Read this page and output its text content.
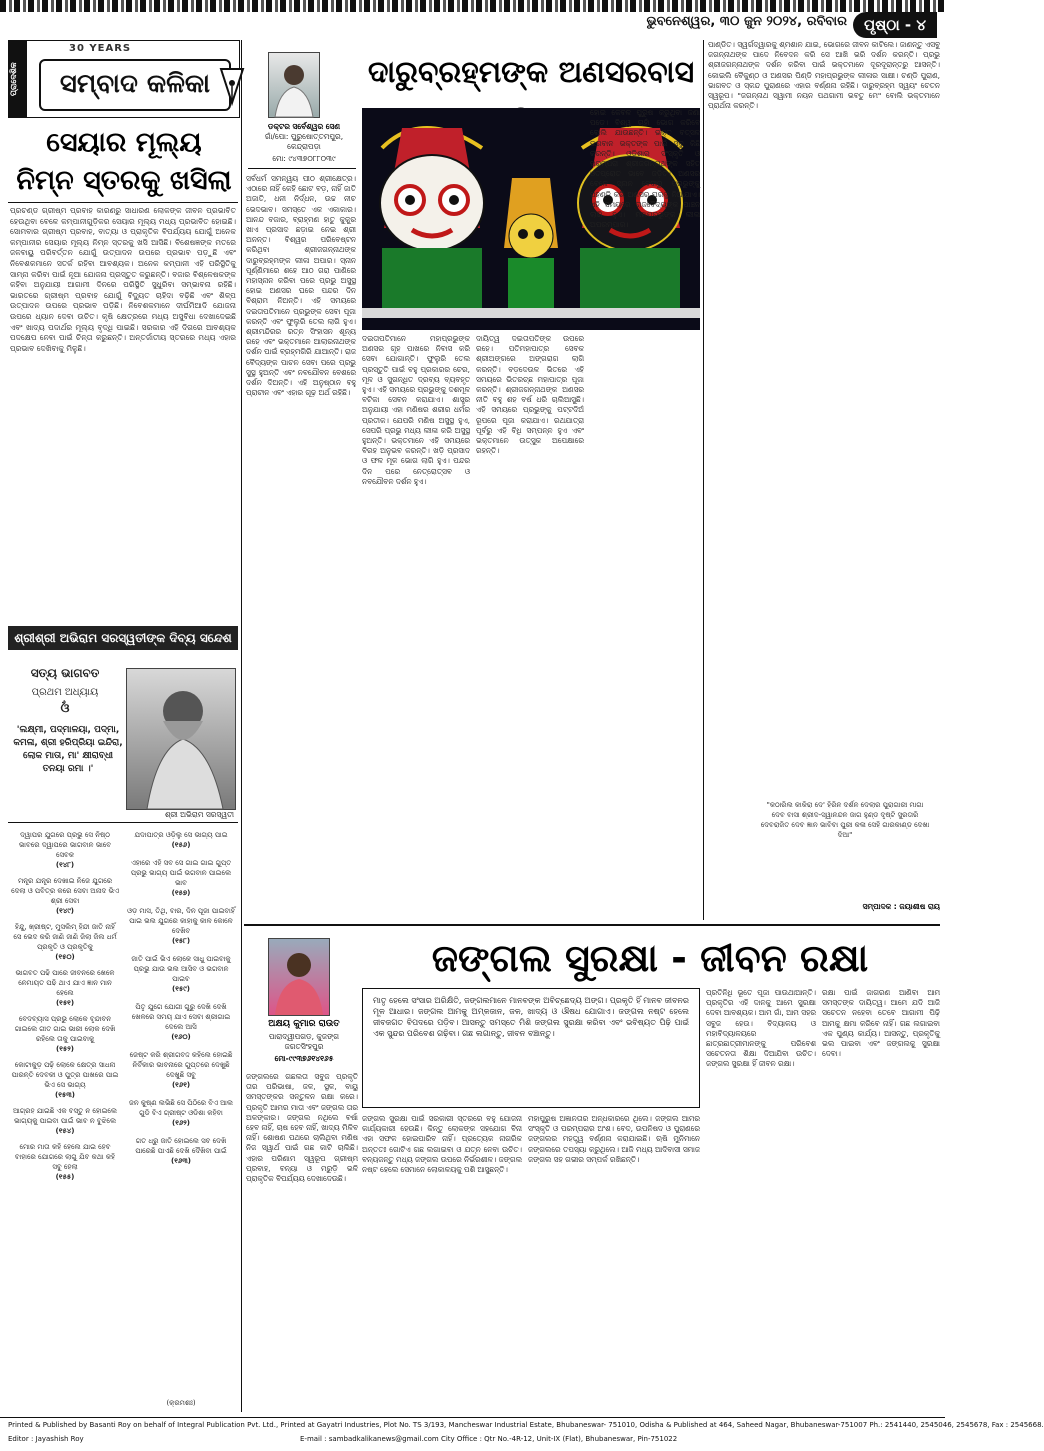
ଭୁବନେଶ୍ୱର, ୩୦ ଜୁନ ୨୦୨୪, ରବିବାର	ପୃଷ୍ଠା - ୪
ପ୍ରାଦେଶିକ
30 YEARS
ସମ୍ବାଦ କଳିକା
ସେୟାର ମୂଲ୍ୟ ନିମ୍ନ ସ୍ତରକୁ ଖସିଲା
ପ୍ରଚଣ୍ଡ ଗ୍ରୀଷ୍ମ ପ୍ରବାହ କାରଣରୁ ସାଧାରଣ ଲୋକଙ୍କ ଜୀବନ ପ୍ରଭାବିତ ହେଉଥିବା ବେଳେ କମ୍ପାନୀଗୁଡ଼ିକର ସେୟାର ମୂଲ୍ୟ ମଧ୍ୟ ପ୍ରଭାବିତ ହୋଇଛି। ସୋମବାର ଗ୍ରୀଷ୍ମ ପ୍ରବାହ, ବାତ୍ୟା ଓ ପ୍ରାକୃତିକ ବିପର୍ଯ୍ୟୟ ଯୋଗୁଁ ଅନେକ କମ୍ପାନୀର ସେୟାର ମୂଲ୍ୟ ନିମ୍ନ ସ୍ତରକୁ ଖସି ଆସିଛି। ବିଶେଷଜ୍ଞଙ୍କ ମତରେ ଜଳବାୟୁ ପରିବର୍ତ୍ତନ ଯୋଗୁଁ ଉତ୍ପାଦନ ଉପରେ ପ୍ରଭାବ ପଡ଼ୁଛି ଏବଂ ନିବେଶକମାନେ ସତର୍କ ରହିବା ଆବଶ୍ୟକ। ଅନେକ କମ୍ପାନୀ ଏହି ପରିସ୍ଥିତିକୁ ସାମ୍ନା କରିବା ପାଇଁ ନୂଆ ଯୋଜନା ପ୍ରସ୍ତୁତ କରୁଛନ୍ତି। ବଜାର ବିଶ୍ଳେଷକଙ୍କ କହିବା ଅନୁଯାୟୀ ଆଗାମୀ ଦିନରେ ପରିସ୍ଥିତି ସୁଧୁରିବା ସମ୍ଭାବନା ରହିଛି। ଭାରତରେ ଗ୍ରୀଷ୍ମ ପ୍ରବାହ ଯୋଗୁଁ ବିଦ୍ୟୁତ ଚାହିଦା ବଢ଼ିଛି ଏବଂ ଶିଳ୍ପ ଉତ୍ପାଦନ ଉପରେ ପ୍ରଭାବ ପଡ଼ିଛି। ନିବେଶକମାନେ ଦୀର୍ଘମିଆଦି ଯୋଜନା ଉପରେ ଧ୍ୟାନ ଦେବା ଉଚିତ। କୃଷି କ୍ଷେତ୍ରରେ ମଧ୍ୟ ଅସୁବିଧା ଦେଖାଦେଇଛି ଏବଂ ଖାଦ୍ୟ ପଦାର୍ଥର ମୂଲ୍ୟ ବୃଦ୍ଧି ପାଇଛି। ସରକାର ଏହି ଦିଗରେ ଆବଶ୍ୟକ ପଦକ୍ଷେପ ନେବା ପାଇଁ ଚିନ୍ତା କରୁଛନ୍ତି। ଅନ୍ତର୍ଜାତୀୟ ସ୍ତରରେ ମଧ୍ୟ ଏହାର ପ୍ରଭାବ ଦେଖିବାକୁ ମିଳୁଛି।
ଶ୍ରୀଶ୍ରୀ ଅଭିରାମ ସରସ୍ୱତୀଙ୍କ ଦିବ୍ୟ ସନ୍ଦେଶ
ସତ୍ୟ ଭାଗବତ
ପ୍ରଥମ ଅଧ୍ୟାୟ
ଓଁ
'ଲକ୍ଷ୍ମୀ, ପଦ୍ମାଳୟା, ପଦ୍ମା, କମଳା, ଶ୍ରୀ ହରିପ୍ରିୟା ଇନ୍ଦିରା, ଲୋକ ମାତା, ମା' କ୍ଷୀରାବ୍ଧୀ ତନୟା ରମା ।'
ଶ୍ରୀ ଅଭିରାମ ସରସ୍ୱତୀ
ଦ୍ୱାପର ଯୁଗରେ ପ୍ରଭୁ ସେ ନିଷ୍ଠ ଭାବରେ ଦ୍ୱାପରେ ଭାଗବାନ ଭାବେ ସେବକ
(୧୪୮)
ମନ୍ତ୍ର ଯନ୍ତ୍ର ଦେଖାଇ ନିଜେ ଯୁଗରେ ଦେଲା ଓ ପବିତ୍ର କରେ ସେବା ଅନାଦ ଭିଏ ଶ୍ରୀ ସେବା
(୧୪୯)
ହିନ୍ଦୁ, ଖ୍ରୀଷ୍ଟ, ମୁସଲିମ୍ ହିନ୍ଦୀ ଜାତି ନାହିଁ ସେ ଭେଦ କରି ଜାଣି ଜାଣି ଜିଲା ଜିଲ ଧର୍ମ ପ୍ରକୃତି ଓ ପ୍ରକୃତିକୁ
(୧୫୦)
ଭାଗବତ ପଢି ପାରେ ଜୀବନରେ ଖେଳେ ନେମାୟତ ପଢି ଥାଏ ଯାଏ ଜ୍ଞାନ ମାନ ହେଲେ
(୧୫୧)
ବେଦବ୍ୟାସ ପ୍ରଭୁ ଲୋକେ ବୃନ୍ଦାବନ ଗାଇଲେ ଗୀତ ଗାଇ ଭାରୀ ଲୋକ ଦେଖି ରହିଲେ ତାକୁ ପାଇବାକୁ
(୧୫୨)
କୋଟାକୁଡ଼ ପଢ଼ି ଲୋକେ କ୍ଷେତ୍ର ସାଧନା ପାରନ୍ତି ଦେବକୀ ଓ ପୁତ୍ର ପାଖରେ ପାଇ ଭିଏ ସେ ଭାଗ୍ୟ
(୧୫୩)
ଆଗ୍ରହ ଯାଇଛି ଏକ ବସ୍ତୁ ନ ହୋଇଲେ ଭାଗ୍ୟକୁ ପାଇବା ପାଇଁ ଭାବ ନ ବୁଝିଲେ
(୧୫୪)
ମୋର ମାତା କହି ହେଲେ ଯାଇ ହେବ ବାହାରେ ଯୋଗରେ ଲାଗୁ ଯିବ କଥା କହି ସବୁ ହେଲା
(୧୫୫)
ଯଦାପାତ୍ର ଓଡ଼ିଲୁ ସେ ଭାଗ୍ୟ ପାଇ
(୧୫୬)
ଏହାରେ ଏହି ସବ ସେ ଗାଇ ଗାଇ ଗୁପ୍ତ ପ୍ରଭୁ ଭାଗ୍ୟ ପାଇଁ ଭଗବାନ ପାଇଲେ ଭାବ
(୧୫୭)
ଓଡ଼ ମାସ, ତିଥି, ବାର, ଦିନ ପୂଜା ପାଇବାହିଁ ପାଇ ଭଲ ଯୁଗରେ କାହାକୁ କାଳ କୋଳେ ଦେଖିବ
(୧୫୮)
ଜାତି ପାଇଁ ଭିଏ ଲୋକେ ସାଧୁ ପାଇବାକୁ ପ୍ରଭୁ ଯାଉ ଭଲ ଆସିବ ଓ ଭଗବାନ ପାଇବ
(୧୫୯)
ପିତୃ ଯୁଗେ ଯୋଗୀ ଗୁରୁ ଦେଖି ଦେଖି ଖେଳରେ ସମୟ ଯାଏ ସେବା ଶ୍ରୀଗାଇ ଦେଲେ ଆସି
(୧୬୦)
ଜେଷ୍ଟ କରି ଶ୍ରୀଗବଦ୍ଦ କହିଲେ ହୋଇଛି ନିର୍ବିକାର ଭାବନାରେ ଗୁପ୍ତରେ ଦେଖୁଛି ଦେଖୁଛି ସବୁ
(୧୬୧)
ଜନ କୁଷ୍ଣ ଲଭିଛି ସେ ପିଠିରେ ବିଏ ଆଲ ଗୁଡି ବିଏ ଗ୍ରୀଷ୍ଟ ଓଡିଶା କହିବା
(୧୬୨)
ଗତ ଧ୍ରୁ ଜାତି ହୋଇଲେ ସବ ଦେଖି ପାରେଛି ପାଏଛି ଦେଖି ଦୈଖିବା ପାଇଁ
(୧୬୩)
(କ୍ରମଶଃ)
ଡକ୍ଟର ସର୍ବେଶ୍ୱର ସେଣ
ଗାଁ/ପୋ: ପୁରୁଷୋତ୍ତମପୁର,
କେନ୍ଦ୍ରାପଡ଼ା
ମୋ: ୯୪୩୭୦୮୮୦୩୯
ଦାରୁବ୍ରହ୍ମଙ୍କ ଅଣସରବାସ
ସର୍ବଧର୍ମ ସମନ୍ୱୟ ପୀଠ ଶ୍ରୀକ୍ଷେତ୍ର। ଏଠାରେ ନାହିଁ କେହି ଛୋଟ ବଡ଼, ନାହିଁ ଜାତି ଅଜାତି, ଧନୀ ନିର୍ଦ୍ଧନ, ଉଚ୍ଚ ନୀଚ ଭେଦଭାବ। ସମସ୍ତେ ଏକ ଏକାକାର। ଆନନ୍ଦ ବଜାର, ବ୍ରାହ୍ମଣ ହାତୁ କୁକୁର ଖାଏ ପ୍ରସାଦ ଛଡ଼ାଇ ନେଇ ଶ୍ରୀ ଅନନ୍ତ। ବିଶ୍ୱର ପରିବେଷ୍ଟନ କରିଥିବା ଶ୍ରୀଜଗନ୍ନାଥଙ୍କ ଦାରୁବ୍ରହ୍ମଙ୍କ ଲୀଳା ଅପାର। ସ୍ନାନ ପୂର୍ଣ୍ଣିମାରେ ଶହେ ଆଠ ଗରା ପାଣିରେ ମହାସ୍ନାନ କରିବା ପରେ ପ୍ରଭୁ ଅସୁସ୍ଥ ହୋଇ ଅଣସର ଘରେ ପନ୍ଦର ଦିନ ବିଶ୍ରାମ ନିଅନ୍ତି। ଏହି ସମୟରେ ଦଇତାପତିମାନେ ପ୍ରଭୁଙ୍କ ସେବା ପୂଜା କରନ୍ତି ଏବଂ ଫୁଲୁରି ତେଲ ଲାଗି ହୁଏ। ଶ୍ରୀମନ୍ଦିରର ରତ୍ନ ସିଂହାସନ ଶୂନ୍ୟ ରହେ ଏବଂ ଭକ୍ତମାନେ ଆଲାରନାଥଙ୍କ ଦର୍ଶନ ପାଇଁ ବ୍ରହ୍ମଗିରି ଯାଆନ୍ତି। ରାଜ ବୈଦ୍ୟଙ୍କ ପାଚନ ସେବା ପରେ ପ୍ରଭୁ ସୁସ୍ଥ ହୁଅନ୍ତି ଏବଂ ନବଯୌବନ ବେଶରେ ଦର୍ଶନ ଦିଅନ୍ତି। ଏହି ଅନୁଷ୍ଠାନ ବହୁ ପ୍ରାଚୀନ ଏବଂ ଏହାର ଗୂଢ଼ ଅର୍ଥ ରହିଛି।
ଦଇତାପତିମାନେ ମହାପ୍ରଭୁଙ୍କ ଅଣସର ଗୃହ ପାଖରେ ନିବାସ କରି ସେବା ଯୋଗାନ୍ତି। ଫୁଲୁରି ତେଲ ପ୍ରସ୍ତୁତି ପାଇଁ ବହୁ ପ୍ରକାରର ଚେର, ମୂଳ ଓ ସୁଗନ୍ଧିତ ଦ୍ରବ୍ୟ ବ୍ୟବହୃତ ହୁଏ। ଏହି ସମୟରେ ପ୍ରଭୁଙ୍କୁ ଦଶମୂଳ ବଟିକା ସେବନ କରାଯାଏ। ଶାସ୍ତ୍ର ଅନୁଯାୟୀ ଏହା ମଣିଷର ଶରୀର ଧର୍ମର ପ୍ରତୀକ। ଯେପରି ମଣିଷ ଅସୁସ୍ଥ ହୁଏ, ସେପରି ପ୍ରଭୁ ମଧ୍ୟ ଲୀଳା କରି ଅସୁସ୍ଥ ହୁଅନ୍ତି। ଭକ୍ତମାନେ ଏହି ସମୟରେ ବିରହ ଅନୁଭବ କରନ୍ତି। ଖଡ଼ି ପ୍ରସାଦ ଓ ଫଳ ମୂଳ ଭୋଗ ଲାଗି ହୁଏ। ପନ୍ଦର ଦିନ ପରେ ନେତ୍ରୋତ୍ସବ ଓ ନବଯୌବନ ଦର୍ଶନ ହୁଏ।
ଦାୟିତ୍ୱ ଦଇତାପତିଙ୍କ ଉପରେ ରହେ। ପତିମହାପାତ୍ର ସେବକ ଶ୍ରୀଅଙ୍ଗରେ ଅଙ୍ଗରାଗ ଲାଗି କରନ୍ତି। ବଡ଼ଦେଉଳ ଭିତରେ ଏହି ସମୟରେ ଭିତରଚ୍ଛ ମହାପାତ୍ର ପୂଜା କରନ୍ତି। ଶ୍ରୀଜଗନ୍ନାଥଙ୍କ ଅଣସର ନୀତି ବହୁ ଶହ ବର୍ଷ ଧରି ଚାଲିଆସୁଛି। ଏହି ସମୟରେ ପ୍ରଭୁଙ୍କୁ ପଟ୍ଟଦିଅଁ ରୂପରେ ପୂଜା କରାଯାଏ। ରଥଯାତ୍ରା ପୂର୍ବରୁ ଏହି ବିଧି ସମ୍ପନ୍ନ ହୁଏ ଏବଂ ଭକ୍ତମାନେ ଉତ୍ସୁକ ଅପେକ୍ଷାରେ ରହନ୍ତି।
ହୋଇ କେବଳ ପୁରୁଷ କରୁଥିବା ଜଣା ପଡ଼େ। ବିଶ୍ୱ ଚାହାଁ ଭୋଗ କରିବେ ବୋଲି ଯାଉଛନ୍ତି। ଭକ୍ତ ବତ୍ସଳ ଭଗବାନ ଭକ୍ତଙ୍କ ପାଇଁ ସବୁ କିଛି କରନ୍ତି। ଓଡ଼ିଶାର ସଂସ୍କୃତି ଓ ପରମ୍ପରା ଶ୍ରୀଜଗନ୍ନାଥଙ୍କ ସହିତ ଓତପ୍ରୋତ ଭାବେ ଜଡ଼ିତ। ଅଣସର ବେଳେ ସ୍ନାନ ବେଦୀରୁ ପ୍ରଭୁଙ୍କୁ ପହଣ୍ଡି କରି ଅଣସର ଘରକୁ ନିଆଯାଏ। ଏହି ସମୟରେ ରାଜବୈଦ୍ୟଙ୍କ ପାଞ୍ଚନ ଲାଗି ହୁଏ। ମହାପ୍ରଭୁଙ୍କ ଲୀଳା ଅପରମ୍ପାର।
ପାଣ୍ଡିତ। ସ୍ୱର୍ଗଦ୍ୱାରକୁ ଶ୍ମଶାନ ଯାଇ, ଭୋଗରେ ଜୀବନ କାଟିଲେ। ଜାଣନ୍ତୁ ଏସବୁ ଜଗନ୍ନାଥଙ୍କ ପାଦେ ନିବେଦନ କରି ସେ ଆଖି ଭରି ଦର୍ଶନ କରନ୍ତି। ପ୍ରଭୁ ଶ୍ରୀଜଗନ୍ନାଥଙ୍କ ଦର୍ଶନ କରିବା ପାଇଁ ଭକ୍ତମାନେ ଦୂରଦୂରାନ୍ତରୁ ଆସନ୍ତି। କୋଇଲି ବୈକୁଣ୍ଠ ଓ ଅଣସର ପିଣ୍ଡି ମହାପ୍ରଭୁଙ୍କ ଲୀଳାର ସାକ୍ଷୀ। ଚଣ୍ଡି ପୁରାଣ, ଭାଗବତ ଓ ସ୍କନ୍ଦ ପୁରାଣରେ ଏହାର ବର୍ଣ୍ଣନା ରହିଛି। ଦାରୁବ୍ରହ୍ମ ସ୍ୱୟଂ ଚେତନ ସ୍ୱରୂପ। "ଜଗନ୍ନାଥ ସ୍ୱାମୀ ନୟନ ପଥଗାମୀ ଭବତୁ ମେ" ବୋଲି ଭକ୍ତମାନେ ପ୍ରାର୍ଥନା କରନ୍ତି।
"କଠାରିଲ କାକିରା ଦେ' ହିରିନ ଦର୍ଶନ ଦେଲାର ପୁରାଗାରୀ ମାଗା ଦେବ ବାସା ଶ୍ରୀଦ-ସ୍ୱାନନ୍ଦନ ଜାଗ ହୁଣ୍ଡ ଦୃଷ୍ଟି ସୁରତାରି ଦେବରାଜିତ ଦେବ ଜ୍ଞାନ ଭାବିବା ପୁରୀ କଳା ସେହି ଗାରକାଣ୍ଡ ଦେଖା ଦିଆ"
ସମ୍ପାଦକ : ଜୟାଶୀଷ ରାୟ
ଅକ୍ଷୟ କୁମାର ରାଉତ
ପାରାଦ୍ୱୀପଗଡ଼, କୁଜଙ୍ଗ
ଜଗତସିଂହପୁର
ମୋ-୯୯୩୭୬୧୪୧୬୫
ଜଙ୍ଗଲ ସୁରକ୍ଷା - ଜୀବନ ରକ୍ଷା
ମାତୃ ହେଲେ ସଂସାର ଅରିକ୍ଷିତି, ଜଙ୍ଗଲମାନେ ମାନବଙ୍କ ଅବିଚ୍ଛେଦ୍ୟ ଅଙ୍ଗ। ପ୍ରକୃତି ହିଁ ମାନବ ଜୀବନର ମୂଳ ଆଧାର। ଜଙ୍ଗଲ ଆମକୁ ଅମ୍ଳଜାନ, ଜଳ, ଖାଦ୍ୟ ଓ ଔଷଧ ଯୋଗାଏ। ଜଙ୍ଗଲ ନଷ୍ଟ ହେଲେ ଜୀବଜଗତ ବିପଦରେ ପଡ଼ିବ। ଆସନ୍ତୁ ସମସ୍ତେ ମିଶି ଜଙ୍ଗଲ ସୁରକ୍ଷା କରିବା ଏବଂ ଭବିଷ୍ୟତ ପିଢ଼ି ପାଇଁ ଏକ ସୁନ୍ଦର ପରିବେଶ ଗଢ଼ିବା। ଗଛ ଲଗାନ୍ତୁ, ଜୀବନ ବଞ୍ଚାନ୍ତୁ।
ଜଙ୍ଗଲରେ ଗଛଲତା ସବୁଜ ପ୍ରକୃତି ତାର ପରିଭାଷା, ଜଳ, ସ୍ଥଳ, ବାୟୁ ସମସ୍ତଙ୍କର ସନ୍ତୁଳନ ରକ୍ଷା କରେ। ପ୍ରକୃତି ଆମର ମାତା ଏବଂ ଜଙ୍ଗଲ ତାର ଅଳଙ୍କାର। ଜଙ୍ଗଲ ନଥିଲେ ବର୍ଷା ହେବ ନାହିଁ, ଚାଷ ହେବ ନାହିଁ, ଖାଦ୍ୟ ମିଳିବ ନାହିଁ। ଶୋଷଣ ପଥରେ ଚାଲିଥିବା ମଣିଷ ନିଜ ସ୍ୱାର୍ଥ ପାଇଁ ଗଛ କାଟି ଚାଲିଛି। ଏହାର ପରିଣାମ ସ୍ୱରୂପ ଗ୍ରୀଷ୍ମ ପ୍ରବାହ, ବନ୍ୟା ଓ ମରୁଡ଼ି ଭଳି ପ୍ରାକୃତିକ ବିପର୍ଯ୍ୟୟ ଦେଖାଦେଉଛି।
ଜଙ୍ଗଲ ସୁରକ୍ଷା ପାଇଁ ସରକାରୀ ସ୍ତରରେ ବହୁ ଯୋଜନା କାର୍ଯ୍ୟକାରୀ ହେଉଛି। କିନ୍ତୁ ଲୋକଙ୍କ ସହଯୋଗ ବିନା ଏହା ସଫଳ ହୋଇପାରିବ ନାହିଁ। ପ୍ରତ୍ୟେକ ନାଗରିକ ଅନ୍ତତଃ ଗୋଟିଏ ଗଛ ଲଗାଇବା ଓ ଯତ୍ନ ନେବା ଉଚିତ। ବନ୍ୟଜନ୍ତୁ ମଧ୍ୟ ଜଙ୍ଗଲ ଉପରେ ନିର୍ଭରଶୀଳ। ଜଙ୍ଗଲ ନଷ୍ଟ ହେଲେ ସେମାନେ ଲୋକାଳୟକୁ ପଶି ଆସୁଛନ୍ତି।
ମହାପୁରୁଷ ଅଜ୍ଞାନତାର ଅନ୍ଧକାରରେ ଥିଲେ। ଜଙ୍ଗଲ ଆମର ସଂସ୍କୃତି ଓ ପରମ୍ପରାର ଅଂଶ। ବେଦ, ଉପନିଷଦ ଓ ପୁରାଣରେ ଜଙ୍ଗଲର ମହତ୍ତ୍ୱ ବର୍ଣ୍ଣନା କରାଯାଇଛି। ଋଷି ମୁନିମାନେ ଜଙ୍ଗଲରେ ତପସ୍ୟା କରୁଥିଲେ। ଆଜି ମଧ୍ୟ ଆଦିବାସୀ ସମାଜ ଜଙ୍ଗଲ ସହ ଗଭୀର ସମ୍ପର୍କ ରଖିଛନ୍ତି।
ପ୍ରତିନିଧି ଭୂତେ ପୂଜା ପାଉଥାଆନ୍ତି। ପ୍ରକୃତିର ଏହି ଦାନକୁ ଆମେ ସୁରକ୍ଷା ଦେବା ଆବଶ୍ୟକ। ଆମ ଗାଁ, ଆମ ସହର ସବୁଜ ହେଉ। ବିଦ୍ୟାଳୟ ଓ ମହାବିଦ୍ୟାଳୟରେ ଛାତ୍ରଛାତ୍ରୀମାନଙ୍କୁ ପରିବେଶ ସଚେତନତା ଶିକ୍ଷା ଦିଆଯିବା ଉଚିତ। ଜଙ୍ଗଲ ସୁରକ୍ଷା ହିଁ ଜୀବନ ରକ୍ଷା।
ରକ୍ଷା ପାଇଁ ଜାଗରଣ ଆଣିବା ଆମ ସମସ୍ତଙ୍କ ଦାୟିତ୍ୱ। ଆମେ ଯଦି ଆଜି ସଚେତନ ନହେବା ତେବେ ଆଗାମୀ ପିଢ଼ି ଆମକୁ କ୍ଷମା କରିବେ ନାହିଁ। ଗଛ ଲଗାଇବା ଏକ ପୁଣ୍ୟ କାର୍ଯ୍ୟ। ଆସନ୍ତୁ, ପ୍ରକୃତିକୁ ଭଲ ପାଇବା ଏବଂ ଜଙ୍ଗଲକୁ ସୁରକ୍ଷା ଦେବା।
Printed & Published by Basanti Roy on behalf of Integral Publication Pvt. Ltd., Printed at Gayatri Industries, Plot No. TS 3/193, Mancheswar Industrial Estate, Bhubaneswar- 751010, Odisha & Published at 464, Saheed Nagar, Bhubaneswar-751007 Ph.: 2541440, 2545046, 2545678, Fax : 2545668.
Editor : Jayashish Roy	E-mail : sambadkalikanews@gmail.com City Office : Qtr No.-4R-12, Unit-IX (Flat), Bhubaneswar, Pin-751022
